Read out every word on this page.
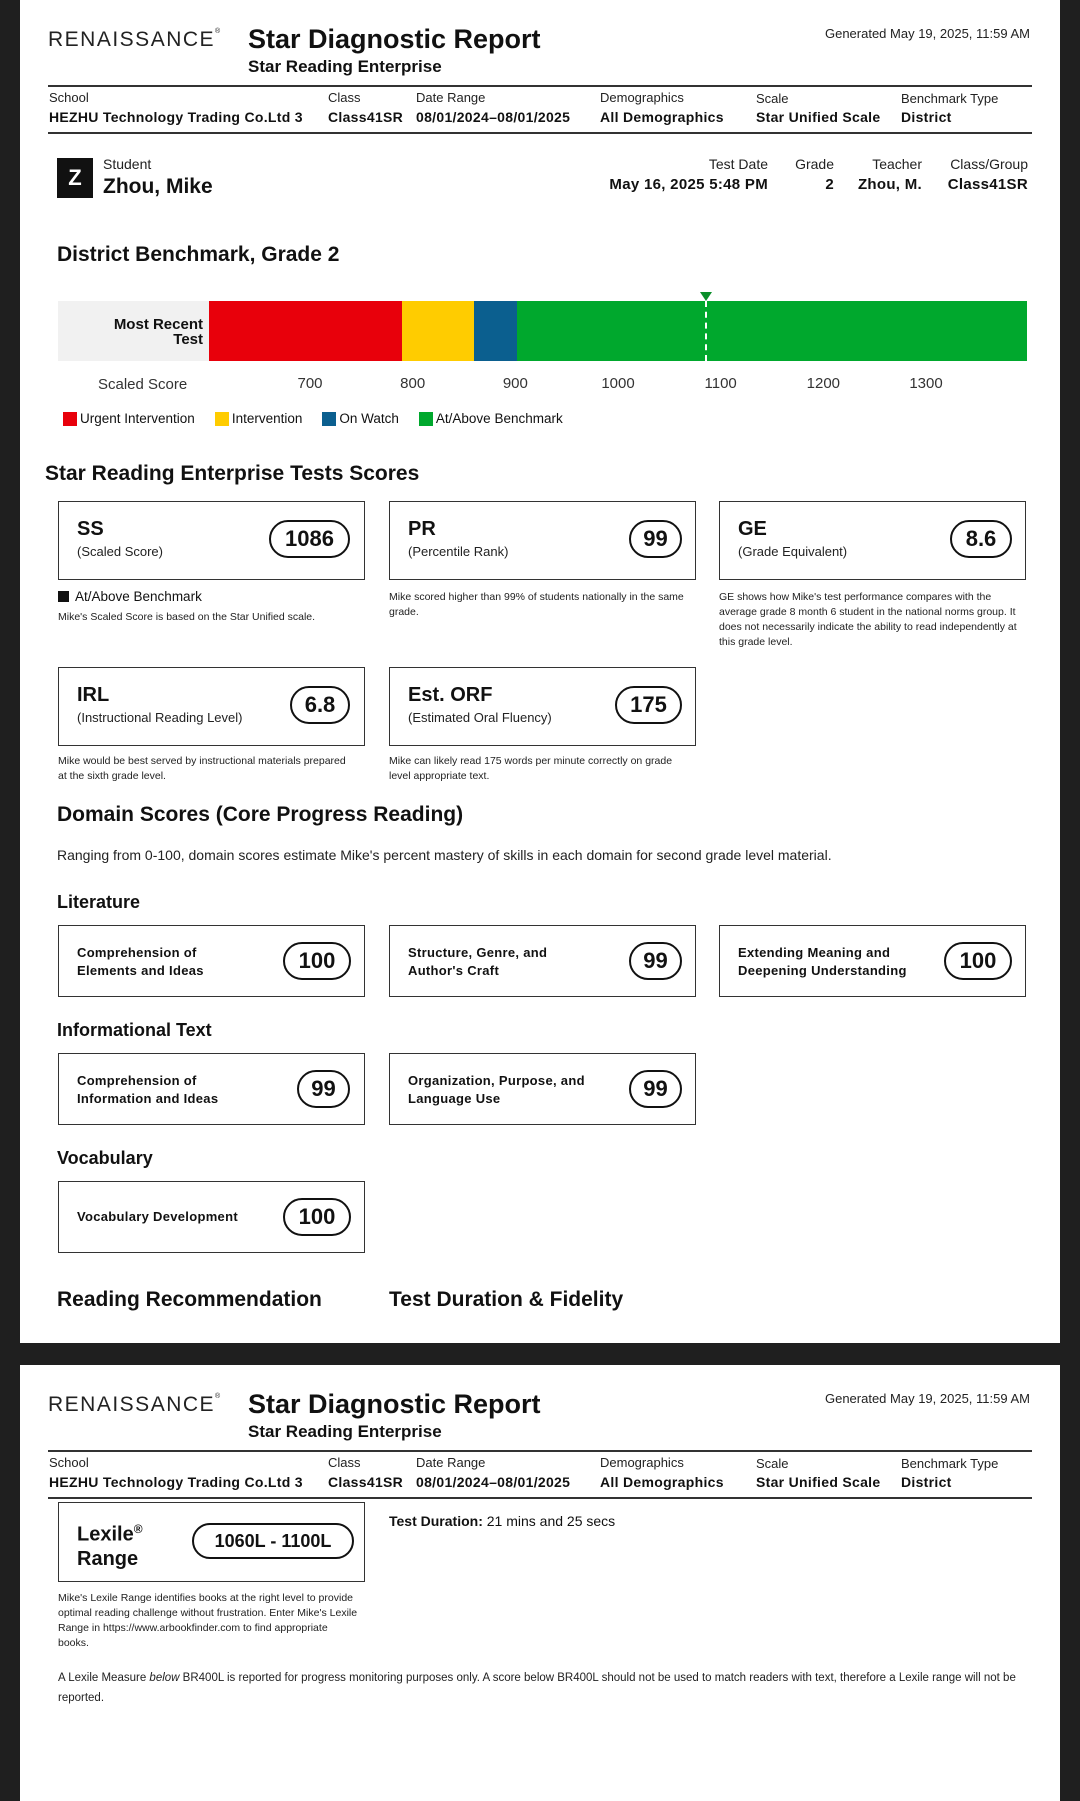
RENAISSANCE® Star Diagnostic Report
Star Reading Enterprise
Generated May 19, 2025, 11:59 AM
School
HEZHU Technology Trading Co.Ltd 3
Class
Class41SR
Date Range
08/01/2024–08/01/2025
Demographics
All Demographics
Scale
Star Unified Scale
Benchmark Type
District
Z
Student
Zhou, Mike
Test Date
May 16, 2025 5:48 PM
Grade
2
Teacher
Zhou, M.
Class/Group
Class41SR
District Benchmark, Grade 2
Most Recent
Test
Scaled Score	700	800	900	1000	1100	1200	1300
Urgent Intervention	Intervention	On Watch	At/Above Benchmark
Star Reading Enterprise Tests Scores
SS
(Scaled Score)
1086	PR
(Percentile Rank)
99	GE
(Grade Equivalent)
8.6
At/Above Benchmark
Mike's Scaled Score is based on the Star Unified scale.
Mike scored higher than 99% of students nationally in the same grade.
GE shows how Mike's test performance compares with the average grade 8 month 6 student in the national norms group. It does not necessarily indicate the ability to read independently at this grade level.
IRL
(Instructional Reading Level)
6.8	Est. ORF
(Estimated Oral Fluency)
175
Mike would be best served by instructional materials prepared at the sixth grade level.
Mike can likely read 175 words per minute correctly on grade level appropriate text.
Domain Scores (Core Progress Reading)
Ranging from 0-100, domain scores estimate Mike's percent mastery of skills in each domain for second grade level material.
Literature
Comprehension of
Elements and Ideas	100	Structure, Genre, and
Author's Craft	99	Extending Meaning and
Deepening Understanding	100
Informational Text
Comprehension of
Information and Ideas	99	Organization, Purpose, and
Language Use	99
Vocabulary
Vocabulary Development	100
Reading Recommendation	Test Duration & Fidelity
RENAISSANCE® Star Diagnostic Report
Star Reading Enterprise
Generated May 19, 2025, 11:59 AM
School
HEZHU Technology Trading Co.Ltd 3
Class
Class41SR
Date Range
08/01/2024–08/01/2025
Demographics
All Demographics
Scale
Star Unified Scale
Benchmark Type
District
Lexile®
Range
1060L - 1100L
Test Duration: 21 mins and 25 secs
Mike's Lexile Range identifies books at the right level to provide optimal reading challenge without frustration. Enter Mike's Lexile Range in https://www.arbookfinder.com to find appropriate books.
A Lexile Measure below BR400L is reported for progress monitoring purposes only. A score below BR400L should not be used to match readers with text, therefore a Lexile range will not be reported.
